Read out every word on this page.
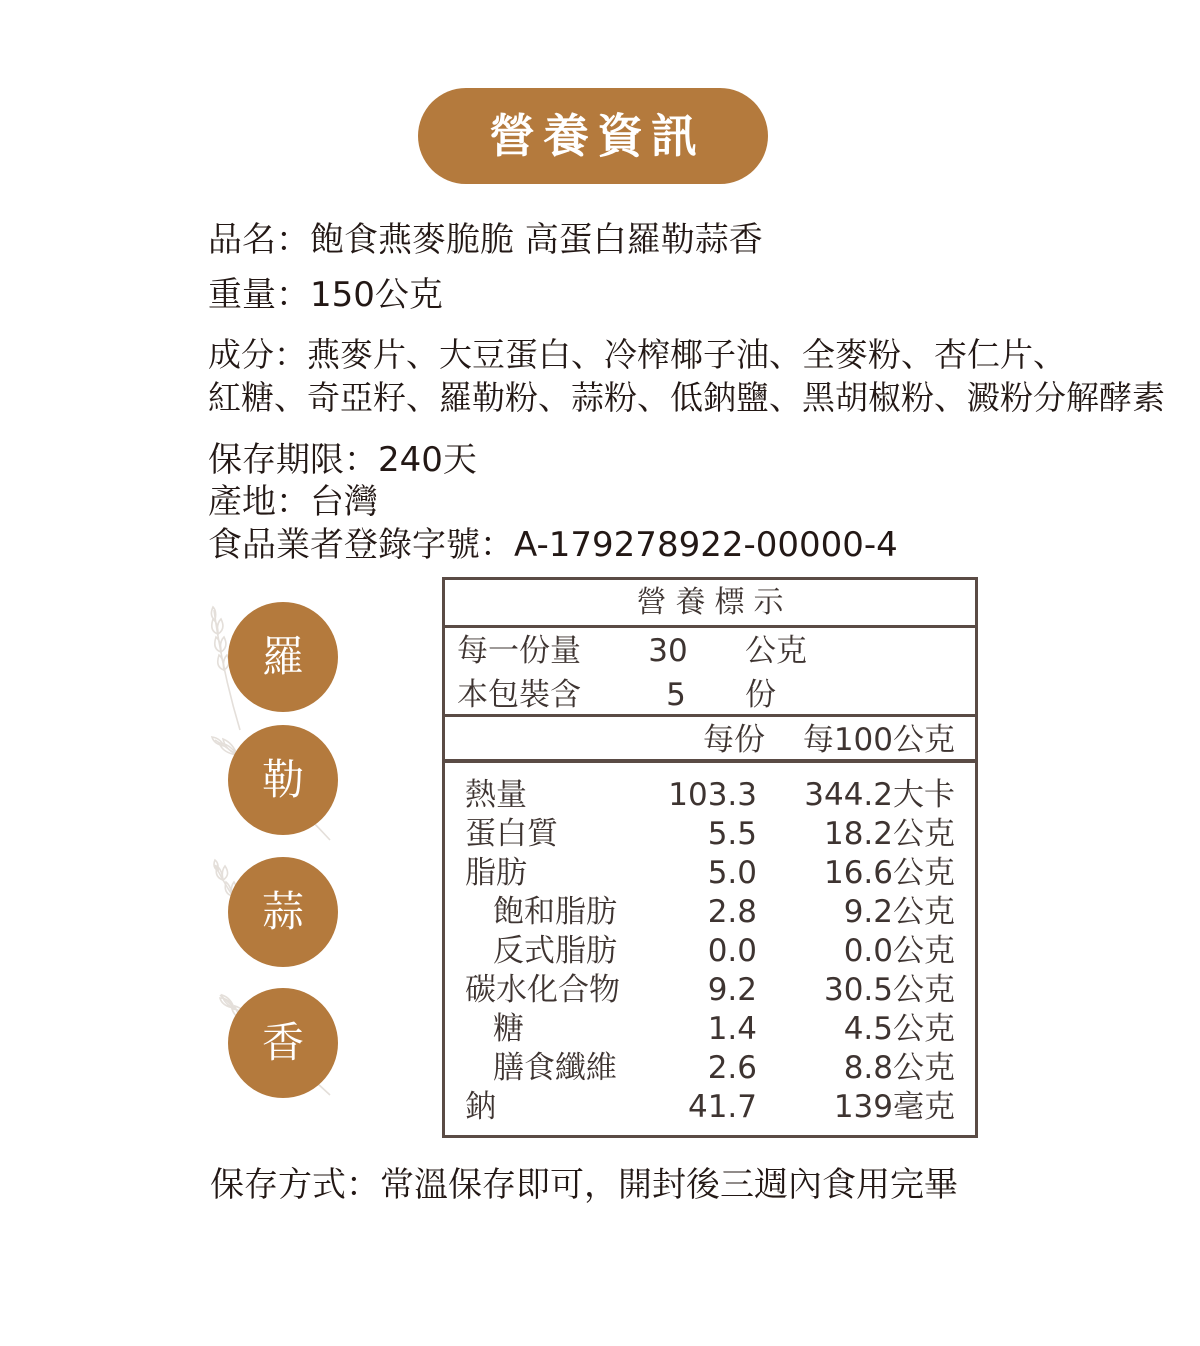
營養資訊
品名：飽食燕麥脆脆 高蛋白羅勒蒜香
重量：150公克
成分：燕麥片、大豆蛋白、冷榨椰子油、全麥粉、杏仁片、
紅糖、奇亞籽、羅勒粉、蒜粉、低鈉鹽、黑胡椒粉、澱粉分解酵素
保存期限：240天
產地：台灣
食品業者登錄字號：A-179278922-00000-4
羅
勒
蒜
香
營養標示
每一份量	30	公克
本包裝含	5	份
每份 每100公克
熱量	103.3 344.2大卡
蛋白質	5.5 18.2公克
脂肪	5.0 16.6公克
飽和脂肪	2.8	9.2公克
反式脂肪	0.0	0.0公克
碳水化合物	9.2 30.5公克
糖	1.4	4.5公克
膳食纖維	2.6	8.8公克
鈉	41.7 139毫克
保存方式：常溫保存即可，開封後三週內食用完畢
